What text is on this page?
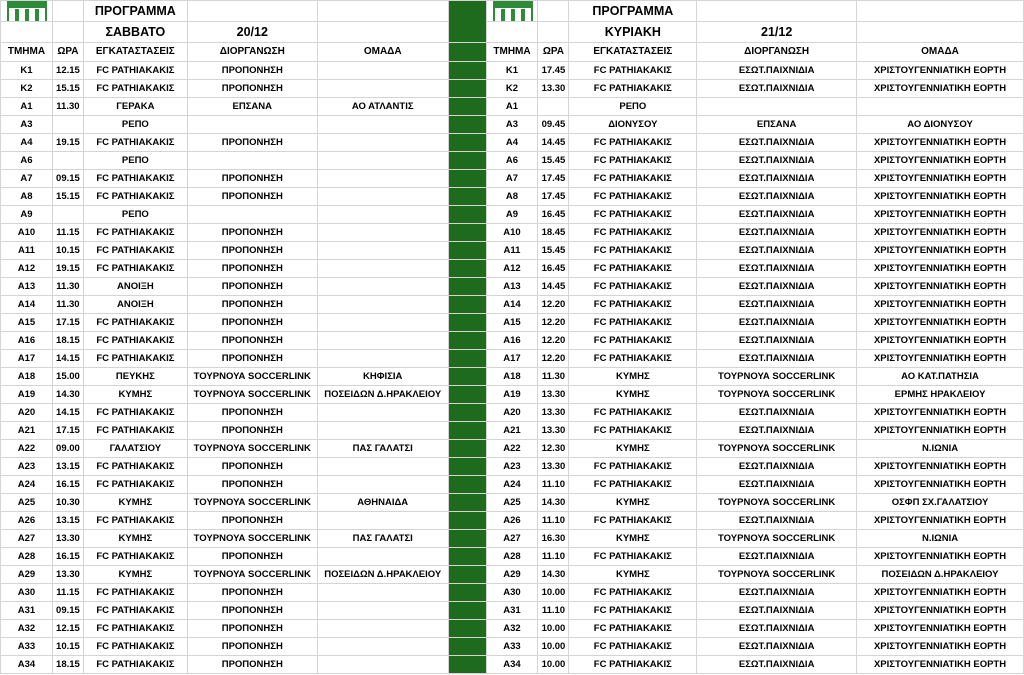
		ΠΡΟΓΡΑΜΜΑ						ΠΡΟΓΡΑΜΜΑ		
		ΣΑΒΒΑΤΟ	20/12					ΚΥΡΙΑΚΗ	21/12	
ΤΜΗΜΑ	ΩΡΑ	ΕΓΚΑΤΑΣΤΑΣΕΙΣ	ΔΙΟΡΓΑΝΩΣΗ	ΟΜΑΔΑ		ΤΜΗΜΑ	ΩΡΑ	ΕΓΚΑΤΑΣΤΑΣΕΙΣ	ΔΙΟΡΓΑΝΩΣΗ	ΟΜΑΔΑ
K1	12.15	FC ΡΑΤΗΙΑΚΑΚΙΣ	ΠΡΟΠΟΝΗΣΗ			K1	17.45	FC ΡΑΤΗΙΑΚΑΚΙΣ	ΕΣΩΤ.ΠΑΙΧΝΙΔΙΑ	ΧΡΙΣΤΟΥΓΕΝΝΙΑΤΙΚΗ ΕΟΡΤΗ
K2	15.15	FC ΡΑΤΗΙΑΚΑΚΙΣ	ΠΡΟΠΟΝΗΣΗ			K2	13.30	FC ΡΑΤΗΙΑΚΑΚΙΣ	ΕΣΩΤ.ΠΑΙΧΝΙΔΙΑ	ΧΡΙΣΤΟΥΓΕΝΝΙΑΤΙΚΗ ΕΟΡΤΗ
A1	11.30	ΓΕΡΑΚΑ	ΕΠΣΑΝΑ	ΑΟ ΑΤΛΑΝΤΙΣ		A1		ΡΕΠΟ		
A3		ΡΕΠΟ				A3	09.45	ΔΙΟΝΥΣΟΥ	ΕΠΣΑΝΑ	ΑΟ ΔΙΟΝΥΣΟΥ
A4	19.15	FC ΡΑΤΗΙΑΚΑΚΙΣ	ΠΡΟΠΟΝΗΣΗ			A4	14.45	FC ΡΑΤΗΙΑΚΑΚΙΣ	ΕΣΩΤ.ΠΑΙΧΝΙΔΙΑ	ΧΡΙΣΤΟΥΓΕΝΝΙΑΤΙΚΗ ΕΟΡΤΗ
A6		ΡΕΠΟ				A6	15.45	FC ΡΑΤΗΙΑΚΑΚΙΣ	ΕΣΩΤ.ΠΑΙΧΝΙΔΙΑ	ΧΡΙΣΤΟΥΓΕΝΝΙΑΤΙΚΗ ΕΟΡΤΗ
A7	09.15	FC ΡΑΤΗΙΑΚΑΚΙΣ	ΠΡΟΠΟΝΗΣΗ			A7	17.45	FC ΡΑΤΗΙΑΚΑΚΙΣ	ΕΣΩΤ.ΠΑΙΧΝΙΔΙΑ	ΧΡΙΣΤΟΥΓΕΝΝΙΑΤΙΚΗ ΕΟΡΤΗ
A8	15.15	FC ΡΑΤΗΙΑΚΑΚΙΣ	ΠΡΟΠΟΝΗΣΗ			A8	17.45	FC ΡΑΤΗΙΑΚΑΚΙΣ	ΕΣΩΤ.ΠΑΙΧΝΙΔΙΑ	ΧΡΙΣΤΟΥΓΕΝΝΙΑΤΙΚΗ ΕΟΡΤΗ
A9		ΡΕΠΟ				A9	16.45	FC ΡΑΤΗΙΑΚΑΚΙΣ	ΕΣΩΤ.ΠΑΙΧΝΙΔΙΑ	ΧΡΙΣΤΟΥΓΕΝΝΙΑΤΙΚΗ ΕΟΡΤΗ
A10	11.15	FC ΡΑΤΗΙΑΚΑΚΙΣ	ΠΡΟΠΟΝΗΣΗ			A10	18.45	FC ΡΑΤΗΙΑΚΑΚΙΣ	ΕΣΩΤ.ΠΑΙΧΝΙΔΙΑ	ΧΡΙΣΤΟΥΓΕΝΝΙΑΤΙΚΗ ΕΟΡΤΗ
A11	10.15	FC ΡΑΤΗΙΑΚΑΚΙΣ	ΠΡΟΠΟΝΗΣΗ			A11	15.45	FC ΡΑΤΗΙΑΚΑΚΙΣ	ΕΣΩΤ.ΠΑΙΧΝΙΔΙΑ	ΧΡΙΣΤΟΥΓΕΝΝΙΑΤΙΚΗ ΕΟΡΤΗ
A12	19.15	FC ΡΑΤΗΙΑΚΑΚΙΣ	ΠΡΟΠΟΝΗΣΗ			A12	16.45	FC ΡΑΤΗΙΑΚΑΚΙΣ	ΕΣΩΤ.ΠΑΙΧΝΙΔΙΑ	ΧΡΙΣΤΟΥΓΕΝΝΙΑΤΙΚΗ ΕΟΡΤΗ
A13	11.30	ΑΝΟΙΞΗ	ΠΡΟΠΟΝΗΣΗ			A13	14.45	FC ΡΑΤΗΙΑΚΑΚΙΣ	ΕΣΩΤ.ΠΑΙΧΝΙΔΙΑ	ΧΡΙΣΤΟΥΓΕΝΝΙΑΤΙΚΗ ΕΟΡΤΗ
A14	11.30	ΑΝΟΙΞΗ	ΠΡΟΠΟΝΗΣΗ			A14	12.20	FC ΡΑΤΗΙΑΚΑΚΙΣ	ΕΣΩΤ.ΠΑΙΧΝΙΔΙΑ	ΧΡΙΣΤΟΥΓΕΝΝΙΑΤΙΚΗ ΕΟΡΤΗ
A15	17.15	FC ΡΑΤΗΙΑΚΑΚΙΣ	ΠΡΟΠΟΝΗΣΗ			A15	12.20	FC ΡΑΤΗΙΑΚΑΚΙΣ	ΕΣΩΤ.ΠΑΙΧΝΙΔΙΑ	ΧΡΙΣΤΟΥΓΕΝΝΙΑΤΙΚΗ ΕΟΡΤΗ
A16	18.15	FC ΡΑΤΗΙΑΚΑΚΙΣ	ΠΡΟΠΟΝΗΣΗ			A16	12.20	FC ΡΑΤΗΙΑΚΑΚΙΣ	ΕΣΩΤ.ΠΑΙΧΝΙΔΙΑ	ΧΡΙΣΤΟΥΓΕΝΝΙΑΤΙΚΗ ΕΟΡΤΗ
A17	14.15	FC ΡΑΤΗΙΑΚΑΚΙΣ	ΠΡΟΠΟΝΗΣΗ			A17	12.20	FC ΡΑΤΗΙΑΚΑΚΙΣ	ΕΣΩΤ.ΠΑΙΧΝΙΔΙΑ	ΧΡΙΣΤΟΥΓΕΝΝΙΑΤΙΚΗ ΕΟΡΤΗ
A18	15.00	ΠΕΥΚΗΣ	ΤΟΥΡΝΟΥΑ SOCCERLINK	ΚΗΦΙΣΙΑ		A18	11.30	ΚΥΜΗΣ	ΤΟΥΡΝΟΥΑ SOCCERLINK	ΑΟ ΚΑΤ.ΠΑΤΗΣΙΑ
A19	14.30	ΚΥΜΗΣ	ΤΟΥΡΝΟΥΑ SOCCERLINK	ΠΟΣΕΙΔΩΝ Δ.ΗΡΑΚΛΕΙΟΥ		A19	13.30	ΚΥΜΗΣ	ΤΟΥΡΝΟΥΑ SOCCERLINK	ΕΡΜΗΣ ΗΡΑΚΛΕΙΟΥ
A20	14.15	FC ΡΑΤΗΙΑΚΑΚΙΣ	ΠΡΟΠΟΝΗΣΗ			A20	13.30	FC ΡΑΤΗΙΑΚΑΚΙΣ	ΕΣΩΤ.ΠΑΙΧΝΙΔΙΑ	ΧΡΙΣΤΟΥΓΕΝΝΙΑΤΙΚΗ ΕΟΡΤΗ
A21	17.15	FC ΡΑΤΗΙΑΚΑΚΙΣ	ΠΡΟΠΟΝΗΣΗ			A21	13.30	FC ΡΑΤΗΙΑΚΑΚΙΣ	ΕΣΩΤ.ΠΑΙΧΝΙΔΙΑ	ΧΡΙΣΤΟΥΓΕΝΝΙΑΤΙΚΗ ΕΟΡΤΗ
A22	09.00	ΓΑΛΑΤΣΙΟΥ	ΤΟΥΡΝΟΥΑ SOCCERLINK	ΠΑΣ ΓΑΛΑΤΣΙ		A22	12.30	ΚΥΜΗΣ	ΤΟΥΡΝΟΥΑ SOCCERLINK	Ν.ΙΩΝΙΑ
A23	13.15	FC ΡΑΤΗΙΑΚΑΚΙΣ	ΠΡΟΠΟΝΗΣΗ			A23	13.30	FC ΡΑΤΗΙΑΚΑΚΙΣ	ΕΣΩΤ.ΠΑΙΧΝΙΔΙΑ	ΧΡΙΣΤΟΥΓΕΝΝΙΑΤΙΚΗ ΕΟΡΤΗ
A24	16.15	FC ΡΑΤΗΙΑΚΑΚΙΣ	ΠΡΟΠΟΝΗΣΗ			A24	11.10	FC ΡΑΤΗΙΑΚΑΚΙΣ	ΕΣΩΤ.ΠΑΙΧΝΙΔΙΑ	ΧΡΙΣΤΟΥΓΕΝΝΙΑΤΙΚΗ ΕΟΡΤΗ
A25	10.30	ΚΥΜΗΣ	ΤΟΥΡΝΟΥΑ SOCCERLINK	ΑΘΗΝΑΙΔΑ		A25	14.30	ΚΥΜΗΣ	ΤΟΥΡΝΟΥΑ SOCCERLINK	ΟΣΦΠ ΣΧ.ΓΑΛΑΤΣΙΟΥ
A26	13.15	FC ΡΑΤΗΙΑΚΑΚΙΣ	ΠΡΟΠΟΝΗΣΗ			A26	11.10	FC ΡΑΤΗΙΑΚΑΚΙΣ	ΕΣΩΤ.ΠΑΙΧΝΙΔΙΑ	ΧΡΙΣΤΟΥΓΕΝΝΙΑΤΙΚΗ ΕΟΡΤΗ
A27	13.30	ΚΥΜΗΣ	ΤΟΥΡΝΟΥΑ SOCCERLINK	ΠΑΣ ΓΑΛΑΤΣΙ		A27	16.30	ΚΥΜΗΣ	ΤΟΥΡΝΟΥΑ SOCCERLINK	Ν.ΙΩΝΙΑ
A28	16.15	FC ΡΑΤΗΙΑΚΑΚΙΣ	ΠΡΟΠΟΝΗΣΗ			A28	11.10	FC ΡΑΤΗΙΑΚΑΚΙΣ	ΕΣΩΤ.ΠΑΙΧΝΙΔΙΑ	ΧΡΙΣΤΟΥΓΕΝΝΙΑΤΙΚΗ ΕΟΡΤΗ
A29	13.30	ΚΥΜΗΣ	ΤΟΥΡΝΟΥΑ SOCCERLINK	ΠΟΣΕΙΔΩΝ Δ.ΗΡΑΚΛΕΙΟΥ		A29	14.30	ΚΥΜΗΣ	ΤΟΥΡΝΟΥΑ SOCCERLINK	ΠΟΣΕΙΔΩΝ Δ.ΗΡΑΚΛΕΙΟΥ
A30	11.15	FC ΡΑΤΗΙΑΚΑΚΙΣ	ΠΡΟΠΟΝΗΣΗ			A30	10.00	FC ΡΑΤΗΙΑΚΑΚΙΣ	ΕΣΩΤ.ΠΑΙΧΝΙΔΙΑ	ΧΡΙΣΤΟΥΓΕΝΝΙΑΤΙΚΗ ΕΟΡΤΗ
A31	09.15	FC ΡΑΤΗΙΑΚΑΚΙΣ	ΠΡΟΠΟΝΗΣΗ			A31	11.10	FC ΡΑΤΗΙΑΚΑΚΙΣ	ΕΣΩΤ.ΠΑΙΧΝΙΔΙΑ	ΧΡΙΣΤΟΥΓΕΝΝΙΑΤΙΚΗ ΕΟΡΤΗ
A32	12.15	FC ΡΑΤΗΙΑΚΑΚΙΣ	ΠΡΟΠΟΝΗΣΗ			A32	10.00	FC ΡΑΤΗΙΑΚΑΚΙΣ	ΕΣΩΤ.ΠΑΙΧΝΙΔΙΑ	ΧΡΙΣΤΟΥΓΕΝΝΙΑΤΙΚΗ ΕΟΡΤΗ
A33	10.15	FC ΡΑΤΗΙΑΚΑΚΙΣ	ΠΡΟΠΟΝΗΣΗ			A33	10.00	FC ΡΑΤΗΙΑΚΑΚΙΣ	ΕΣΩΤ.ΠΑΙΧΝΙΔΙΑ	ΧΡΙΣΤΟΥΓΕΝΝΙΑΤΙΚΗ ΕΟΡΤΗ
A34	18.15	FC ΡΑΤΗΙΑΚΑΚΙΣ	ΠΡΟΠΟΝΗΣΗ			A34	10.00	FC ΡΑΤΗΙΑΚΑΚΙΣ	ΕΣΩΤ.ΠΑΙΧΝΙΔΙΑ	ΧΡΙΣΤΟΥΓΕΝΝΙΑΤΙΚΗ ΕΟΡΤΗ
